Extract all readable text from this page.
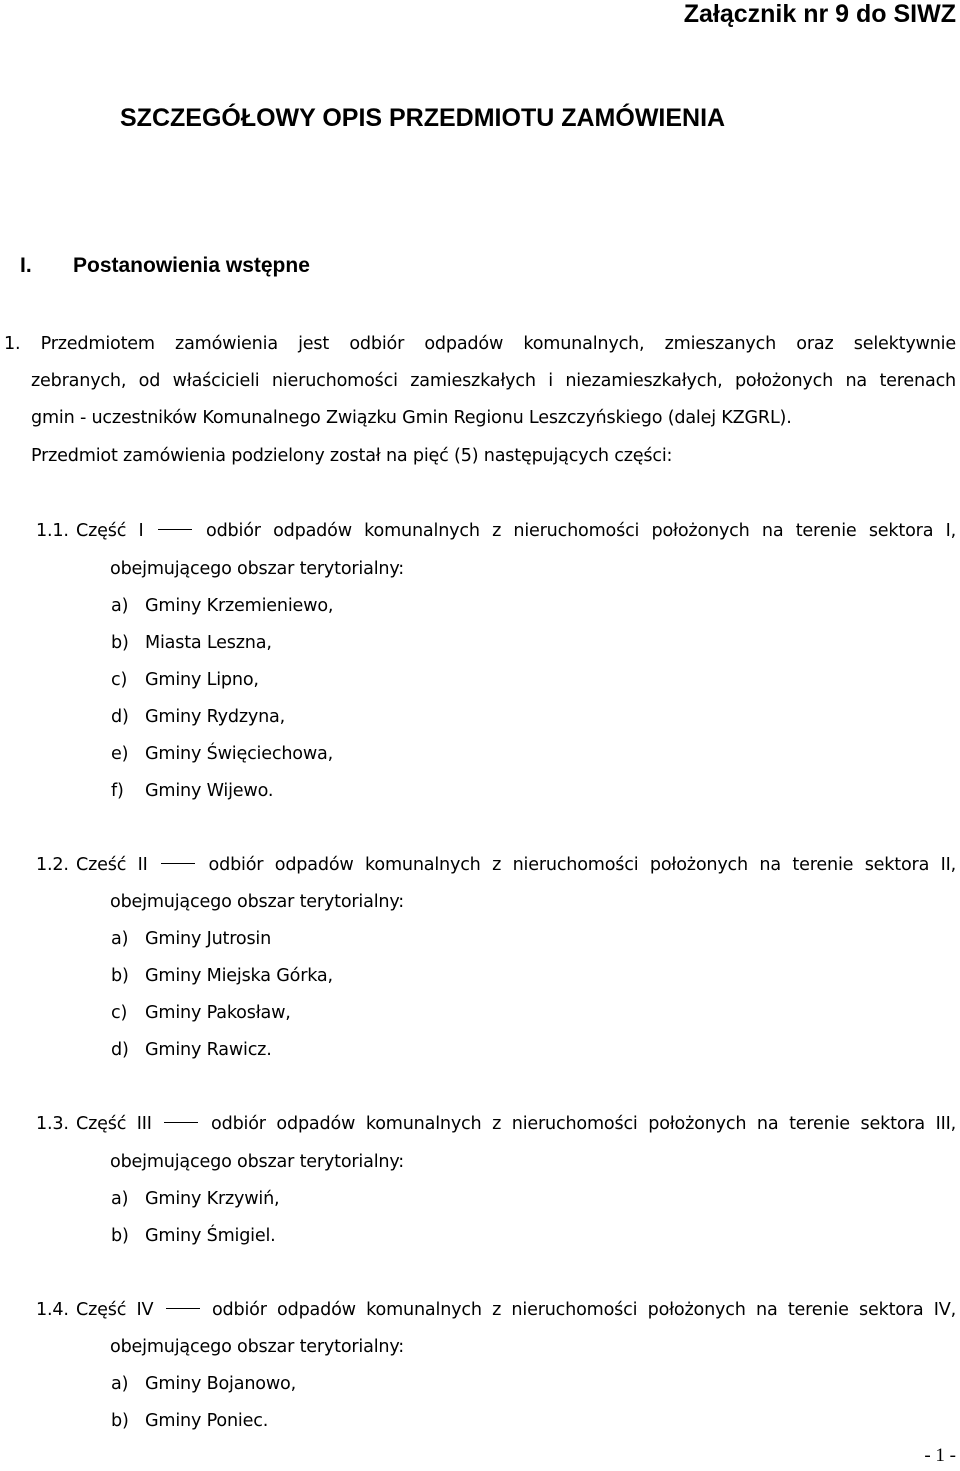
Załącznik nr 9 do SIWZ
SZCZEGÓŁOWY OPIS PRZEDMIOTU ZAMÓWIENIA
I. Postanowienia wstępne
1. Przedmiotem zamówienia jest odbiór odpadów komunalnych, zmieszanych oraz selektywnie
zebranych, od właścicieli nieruchomości zamieszkałych i niezamieszkałych, położonych na terenach
gmin - uczestników Komunalnego Związku Gmin Regionu Leszczyńskiego (dalej KZGRL).
Przedmiot zamówienia podzielony został na pięć (5) następujących części:
1.1. Część I	odbiór odpadów komunalnych z nieruchomości położonych na terenie sektora I,
obejmującego obszar terytorialny:
a) Gminy Krzemieniewo,
b) Miasta Leszna,
c) Gminy Lipno,
d) Gminy Rydzyna,
e) Gminy Święciechowa,
f) Gminy Wijewo.
1.2. Cześć II	odbiór odpadów komunalnych z nieruchomości położonych na terenie sektora II,
obejmującego obszar terytorialny:
a) Gminy Jutrosin
b) Gminy Miejska Górka,
c) Gminy Pakosław,
d) Gminy Rawicz.
1.3. Część III	odbiór odpadów komunalnych z nieruchomości położonych na terenie sektora III,
obejmującego obszar terytorialny:
a) Gminy Krzywiń,
b) Gminy Śmigiel.
1.4. Część IV	odbiór odpadów komunalnych z nieruchomości położonych na terenie sektora IV,
obejmującego obszar terytorialny:
a) Gminy Bojanowo,
b) Gminy Poniec.
- 1 -
